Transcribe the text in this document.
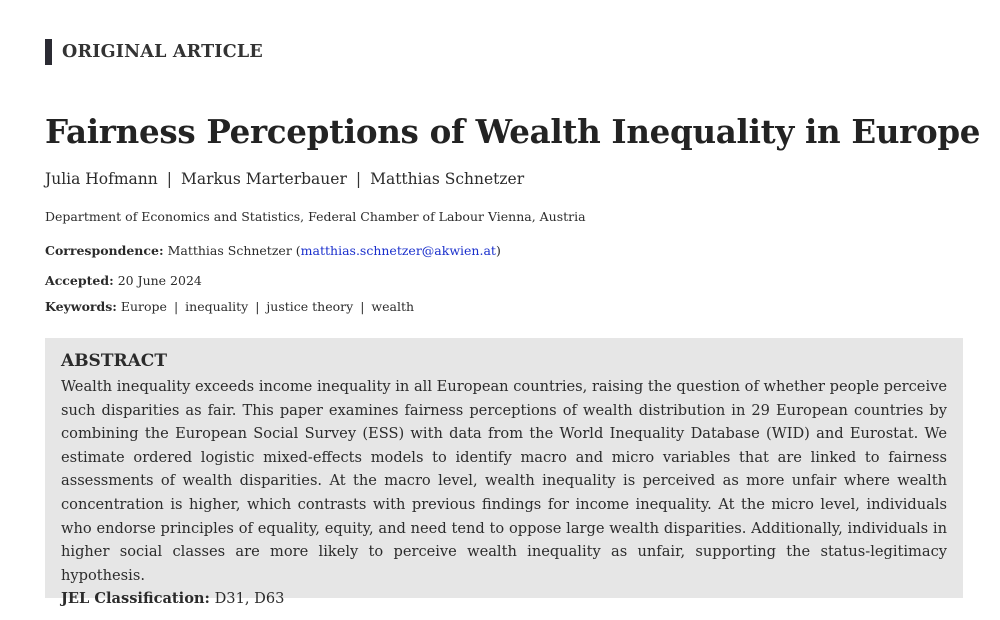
ORIGINAL ARTICLE
Fairness Perceptions of Wealth Inequality in Europe
Julia Hofmann | Markus Marterbauer | Matthias Schnetzer
Department of Economics and Statistics, Federal Chamber of Labour Vienna, Austria
Correspondence: Matthias Schnetzer (matthias.schnetzer@akwien.at)
Accepted: 20 June 2024
Keywords: Europe | inequality | justice theory | wealth
ABSTRACT

Wealth inequality exceeds income inequality in all European countries, raising the question of whether people perceive such disparities as fair. This paper examines fairness perceptions of wealth distribution in 29 European countries by combining the European Social Survey (ESS) with data from the World Inequality Database (WID) and Eurostat. We estimate ordered logistic mixed-effects models to identify macro and micro variables that are linked to fairness assessments of wealth disparities. At the macro level, wealth inequality is perceived as more unfair where wealth concentration is higher, which contrasts with previous findings for income inequality. At the micro level, individuals who endorse principles of equality, equity, and need tend to oppose large wealth disparities. Additionally, individuals in higher social classes are more likely to perceive wealth inequality as unfair, supporting the status-legitimacy hypothesis.

JEL Classification: D31, D63
